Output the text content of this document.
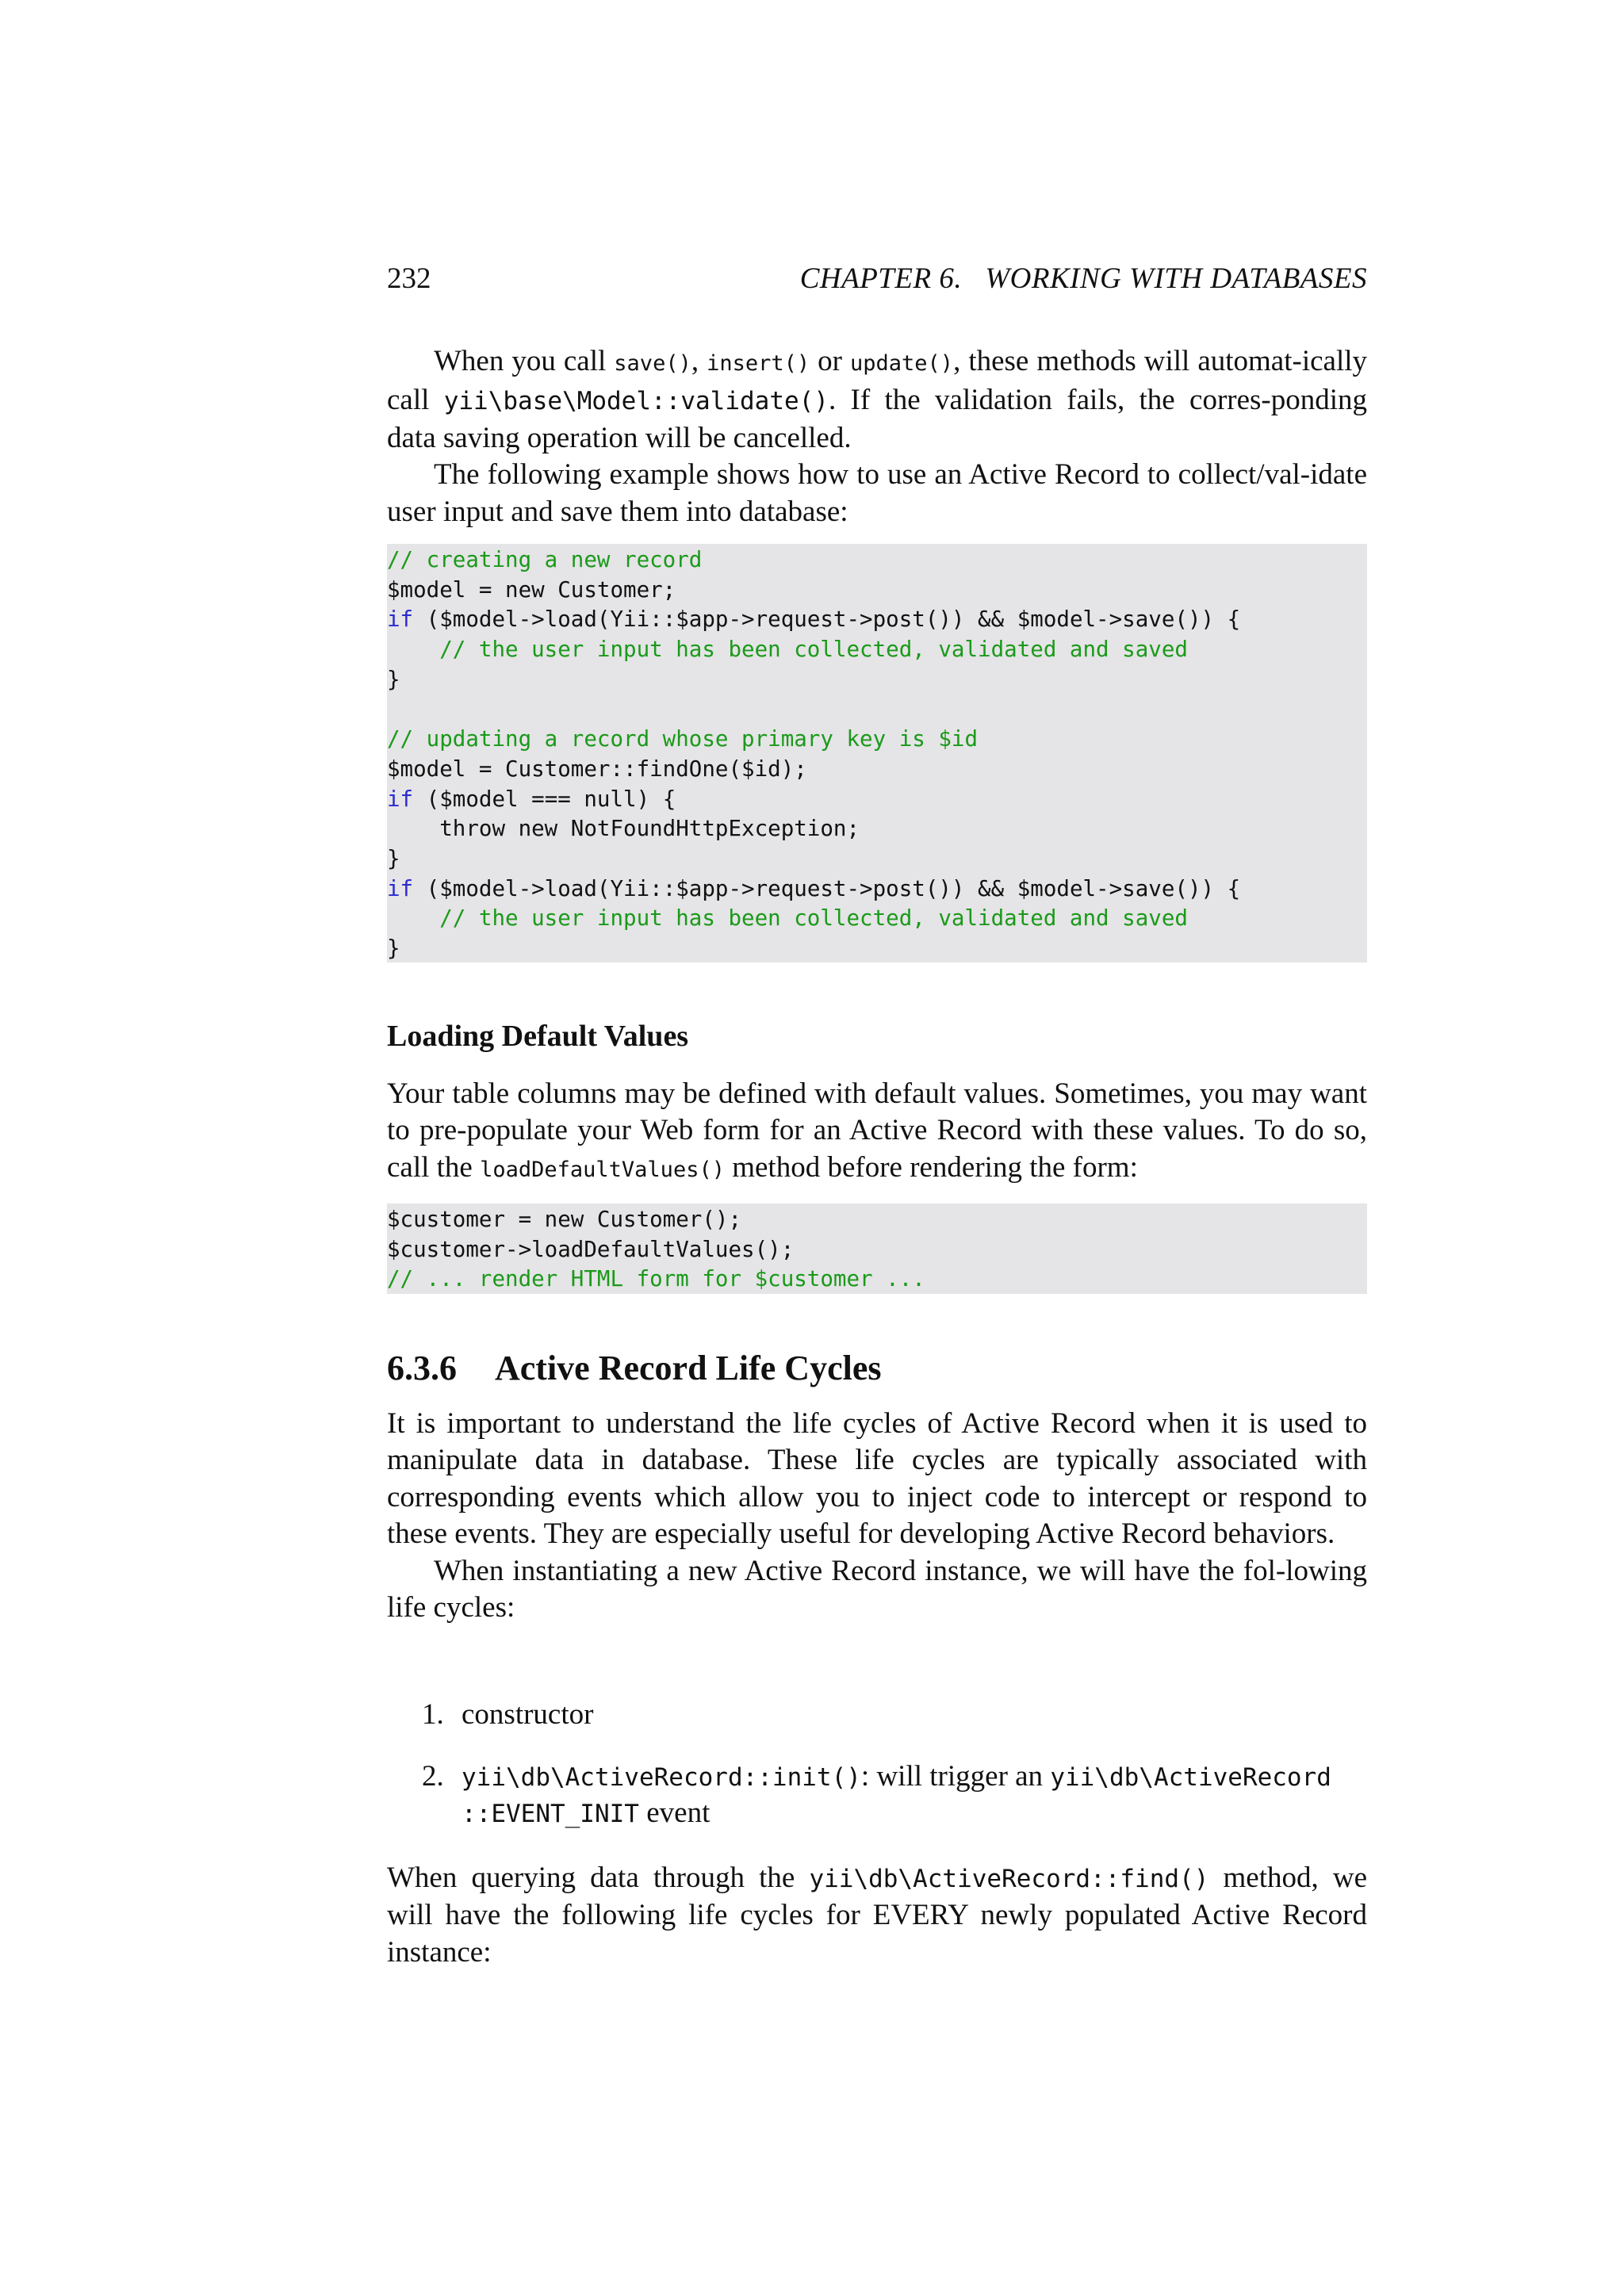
232	CHAPTER 6.   WORKING WITH DATABASES

When you call save(), insert() or update(), these methods will automat-ically call yii\base\Model::validate(). If the validation fails, the corres-ponding data saving operation will be cancelled.

The following example shows how to use an Active Record to collect/val-idate user input and save them into database:

// creating a new record
$model = new Customer;
if ($model->load(Yii::$app->request->post()) && $model->save()) {
// the user input has been collected, validated and saved
}

// updating a record whose primary key is $id
$model = Customer::findOne($id);
if ($model === null) {
throw new NotFoundHttpException;
}
if ($model->load(Yii::$app->request->post()) && $model->save()) {
// the user input has been collected, validated and saved
}
Loading Default Values

Your table columns may be defined with default values. Sometimes, you may want to pre-populate your Web form for an Active Record with these values. To do so, call the loadDefaultValues() method before rendering the form:

$customer = new Customer();
$customer->loadDefaultValues();
// ... render HTML form for $customer ...
6.3.6 Active Record Life Cycles

It is important to understand the life cycles of Active Record when it is used to manipulate data in database. These life cycles are typically associated with corresponding events which allow you to inject code to intercept or respond to these events. They are especially useful for developing Active Record behaviors.

When instantiating a new Active Record instance, we will have the fol-lowing life cycles:

1. constructor
2. yii\db\ActiveRecord::init(): will trigger an yii\db\ActiveRecord
::EVENT_INIT event

When querying data through the yii\db\ActiveRecord::find() method, we will have the following life cycles for EVERY newly populated Active Record instance:
